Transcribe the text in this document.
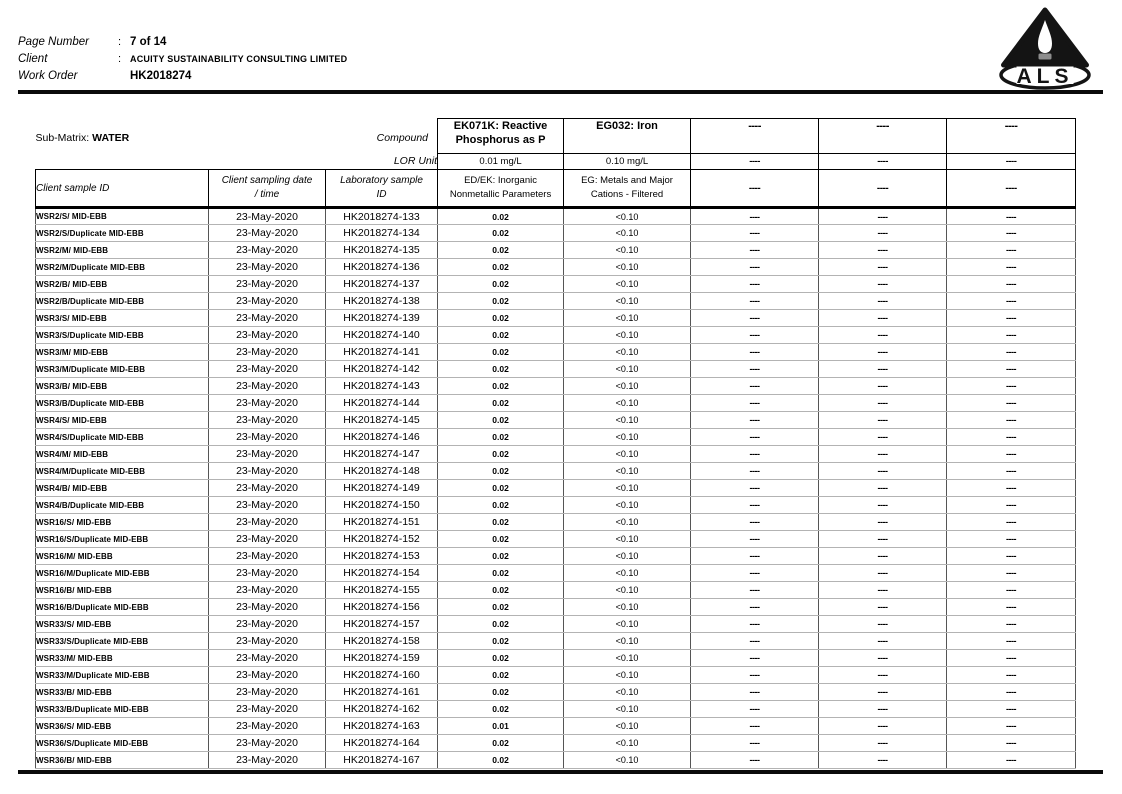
Page Number	: 7 of 14
Client	: ACUITY SUSTAINABILITY CONSULTING LIMITED
Work Order	HK2018274	ALS
Sub-Matrix: WATER Compound			EK071K: Reactive
Phosphorus as P	EG032: Iron	----	----	----
LOR Unit			0.01 mg/L	0.10 mg/L	----	----	----
Client sample ID	Client sampling date
/ time	Laboratory sample
ID	ED/EK: Inorganic
Nonmetallic Parameters	EG: Metals and Major
Cations - Filtered	----	----	----
WSR2/S/ MID-EBB	23-May-2020	HK2018274-133	0.02	<0.10	----	----	----
WSR2/S/Duplicate MID-EBB	23-May-2020	HK2018274-134	0.02	<0.10	----	----	----
WSR2/M/ MID-EBB	23-May-2020	HK2018274-135	0.02	<0.10	----	----	----
WSR2/M/Duplicate MID-EBB	23-May-2020	HK2018274-136	0.02	<0.10	----	----	----
WSR2/B/ MID-EBB	23-May-2020	HK2018274-137	0.02	<0.10	----	----	----
WSR2/B/Duplicate MID-EBB	23-May-2020	HK2018274-138	0.02	<0.10	----	----	----
WSR3/S/ MID-EBB	23-May-2020	HK2018274-139	0.02	<0.10	----	----	----
WSR3/S/Duplicate MID-EBB	23-May-2020	HK2018274-140	0.02	<0.10	----	----	----
WSR3/M/ MID-EBB	23-May-2020	HK2018274-141	0.02	<0.10	----	----	----
WSR3/M/Duplicate MID-EBB	23-May-2020	HK2018274-142	0.02	<0.10	----	----	----
WSR3/B/ MID-EBB	23-May-2020	HK2018274-143	0.02	<0.10	----	----	----
WSR3/B/Duplicate MID-EBB	23-May-2020	HK2018274-144	0.02	<0.10	----	----	----
WSR4/S/ MID-EBB	23-May-2020	HK2018274-145	0.02	<0.10	----	----	----
WSR4/S/Duplicate MID-EBB	23-May-2020	HK2018274-146	0.02	<0.10	----	----	----
WSR4/M/ MID-EBB	23-May-2020	HK2018274-147	0.02	<0.10	----	----	----
WSR4/M/Duplicate MID-EBB	23-May-2020	HK2018274-148	0.02	<0.10	----	----	----
WSR4/B/ MID-EBB	23-May-2020	HK2018274-149	0.02	<0.10	----	----	----
WSR4/B/Duplicate MID-EBB	23-May-2020	HK2018274-150	0.02	<0.10	----	----	----
WSR16/S/ MID-EBB	23-May-2020	HK2018274-151	0.02	<0.10	----	----	----
WSR16/S/Duplicate MID-EBB	23-May-2020	HK2018274-152	0.02	<0.10	----	----	----
WSR16/M/ MID-EBB	23-May-2020	HK2018274-153	0.02	<0.10	----	----	----
WSR16/M/Duplicate MID-EBB	23-May-2020	HK2018274-154	0.02	<0.10	----	----	----
WSR16/B/ MID-EBB	23-May-2020	HK2018274-155	0.02	<0.10	----	----	----
WSR16/B/Duplicate MID-EBB	23-May-2020	HK2018274-156	0.02	<0.10	----	----	----
WSR33/S/ MID-EBB	23-May-2020	HK2018274-157	0.02	<0.10	----	----	----
WSR33/S/Duplicate MID-EBB	23-May-2020	HK2018274-158	0.02	<0.10	----	----	----
WSR33/M/ MID-EBB	23-May-2020	HK2018274-159	0.02	<0.10	----	----	----
WSR33/M/Duplicate MID-EBB	23-May-2020	HK2018274-160	0.02	<0.10	----	----	----
WSR33/B/ MID-EBB	23-May-2020	HK2018274-161	0.02	<0.10	----	----	----
WSR33/B/Duplicate MID-EBB	23-May-2020	HK2018274-162	0.02	<0.10	----	----	----
WSR36/S/ MID-EBB	23-May-2020	HK2018274-163	0.01	<0.10	----	----	----
WSR36/S/Duplicate MID-EBB	23-May-2020	HK2018274-164	0.02	<0.10	----	----	----
WSR36/B/ MID-EBB	23-May-2020	HK2018274-167	0.02	<0.10	----	----	----
